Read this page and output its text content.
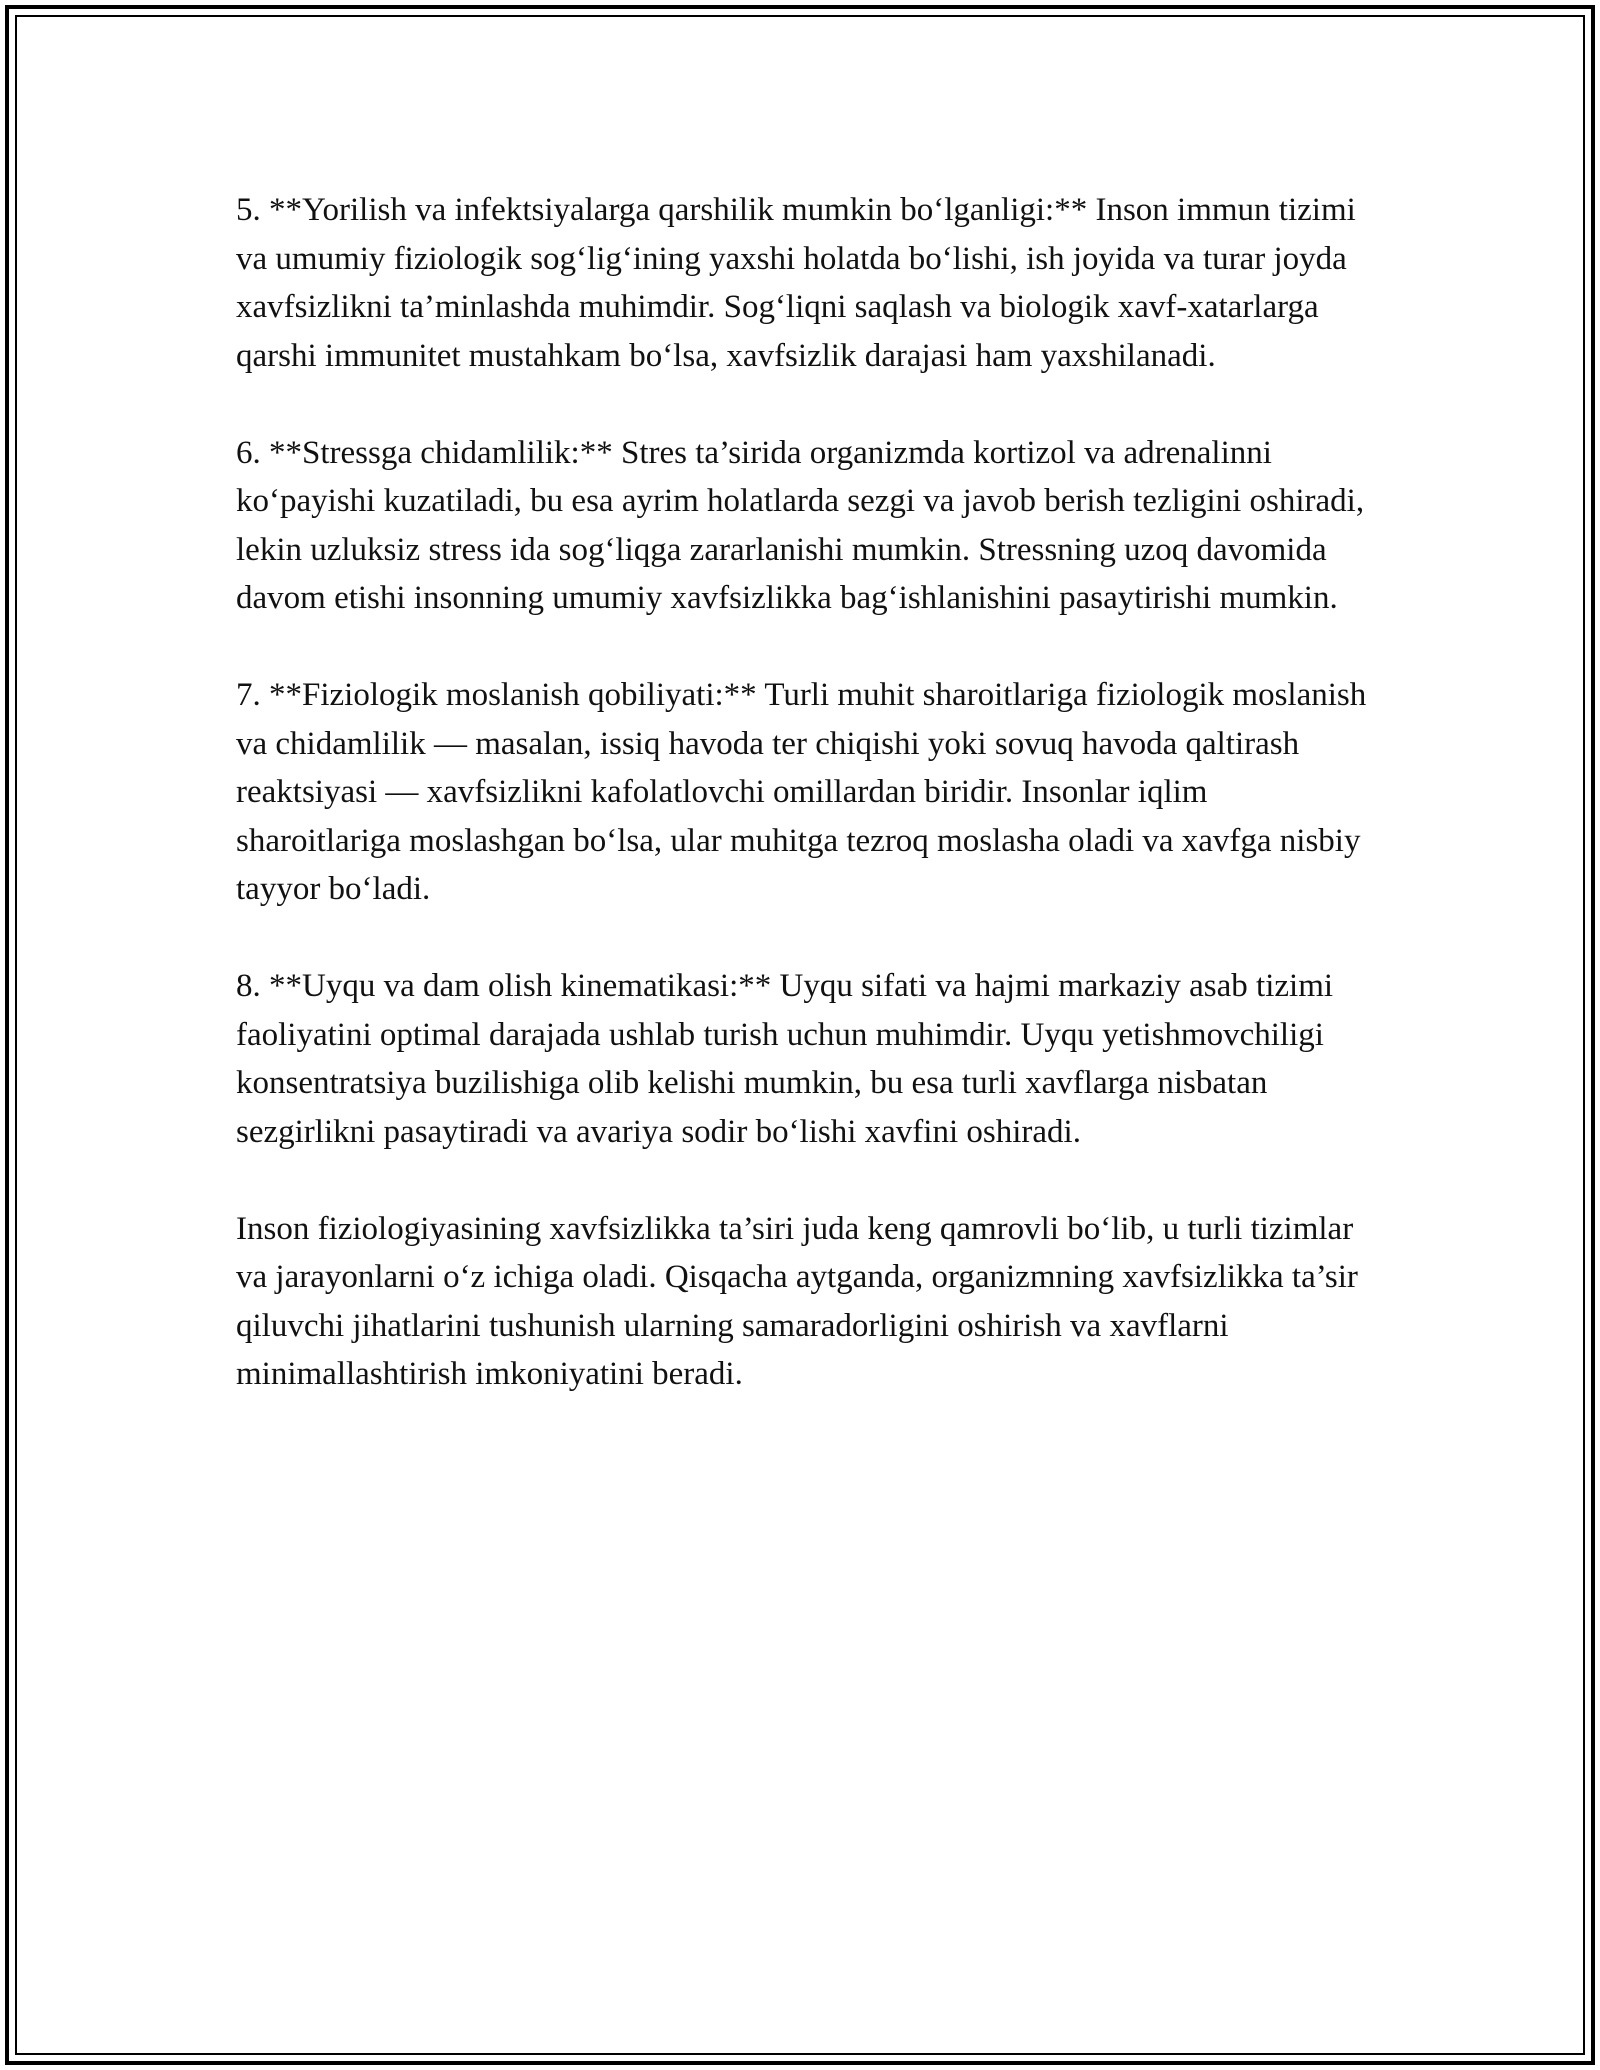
5. **Yorilish va infektsiyalarga qarshilik mumkin bo‘lganligi:** Inson immun tizimi va umumiy fiziologik sog‘lig‘ining yaxshi holatda bo‘lishi, ish joyida va turar joyda xavfsizlikni ta’minlashda muhimdir. Sog‘liqni saqlash va biologik xavf-xatarlarga qarshi immunitet mustahkam bo‘lsa, xavfsizlik darajasi ham yaxshilanadi.

6. **Stressga chidamlilik:** Stres ta’sirida organizmda kortizol va adrenalinni ko‘payishi kuzatiladi, bu esa ayrim holatlarda sezgi va javob berish tezligini oshiradi, lekin uzluksiz stress ida sog‘liqga zararlanishi mumkin. Stressning uzoq davomida davom etishi insonning umumiy xavfsizlikka bag‘ishlanishini pasaytirishi mumkin.

7. **Fiziologik moslanish qobiliyati:** Turli muhit sharoitlariga fiziologik moslanish va chidamlilik — masalan, issiq havoda ter chiqishi yoki sovuq havoda qaltirash reaktsiyasi — xavfsizlikni kafolatlovchi omillardan biridir. Insonlar iqlim sharoitlariga moslashgan bo‘lsa, ular muhitga tezroq moslasha oladi va xavfga nisbiy tayyor bo‘ladi.

8. **Uyqu va dam olish kinematikasi:** Uyqu sifati va hajmi markaziy asab tizimi faoliyatini optimal darajada ushlab turish uchun muhimdir. Uyqu yetishmovchiligi konsentratsiya buzilishiga olib kelishi mumkin, bu esa turli xavflarga nisbatan sezgirlikni pasaytiradi va avariya sodir bo‘lishi xavfini oshiradi.

Inson fiziologiyasining xavfsizlikka ta’siri juda keng qamrovli bo‘lib, u turli tizimlar va jarayonlarni o‘z ichiga oladi. Qisqacha aytganda, organizmning xavfsizlikka ta’sir qiluvchi jihatlarini tushunish ularning samaradorligini oshirish va xavflarni minimallashtirish imkoniyatini beradi.
